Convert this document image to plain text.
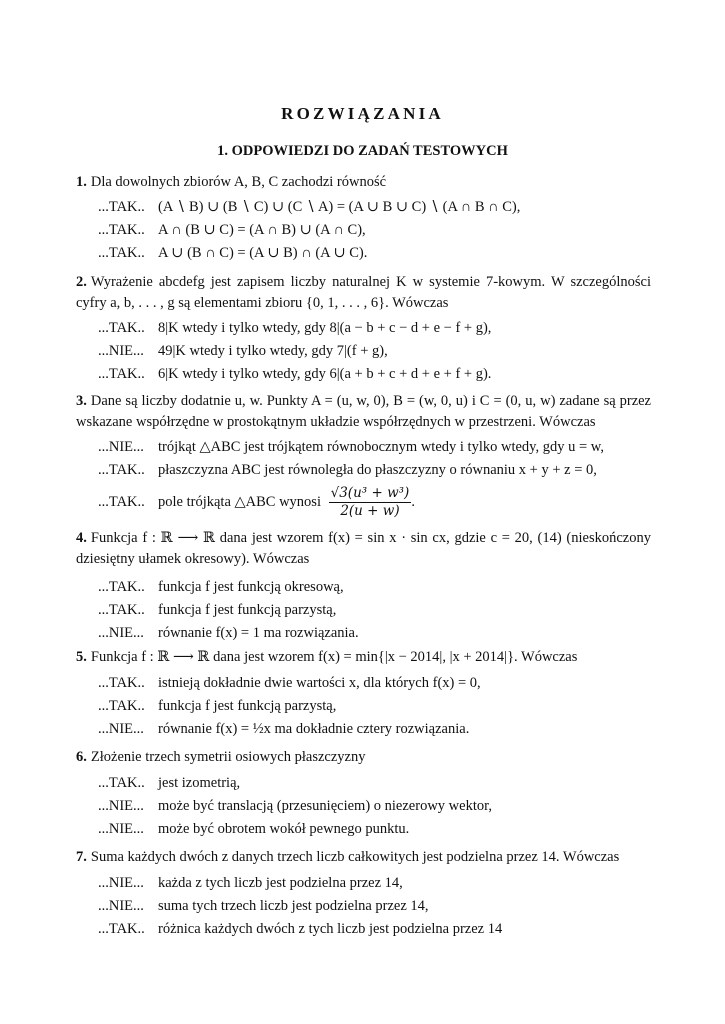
ROZWIĄZANIA
1. ODPOWIEDZI DO ZADAŃ TESTOWYCH

1. Dla dowolnych zbiorów A, B, C zachodzi równość

...TAK.. (A ∖ B) ∪ (B ∖ C) ∪ (C ∖ A) = (A ∪ B ∪ C) ∖ (A ∩ B ∩ C),
...TAK.. A ∩ (B ∪ C) = (A ∩ B) ∪ (A ∩ C),
...TAK.. A ∪ (B ∩ C) = (A ∪ B) ∩ (A ∪ C).

2. Wyrażenie abcdefg jest zapisem liczby naturalnej K w systemie 7-kowym. W szczególności cyfry a, b, . . . , g są elementami zbioru {0, 1, . . . , 6}. Wówczas

...TAK.. 8|K wtedy i tylko wtedy, gdy 8|(a − b + c − d + e − f + g),
...NIE... 49|K wtedy i tylko wtedy, gdy 7|(f + g),
...TAK.. 6|K wtedy i tylko wtedy, gdy 6|(a + b + c + d + e + f + g).

3. Dane są liczby dodatnie u, w. Punkty A = (u, w, 0), B = (w, 0, u) i C = (0, u, w) zadane są przez wskazane współrzędne w prostokątnym układzie współrzędnych w przestrzeni. Wówczas

...NIE... trójkąt △ABC jest trójkątem równobocznym wtedy i tylko wtedy, gdy u = w,
...TAK.. płaszczyzna ABC jest równoległa do płaszczyzny o równaniu x + y + z = 0,
...TAK.. pole trójkąta △ABC wynosi $\frac{\text{√3(u³ + w³)}}{2(u + w)}$ .

4. Funkcja f : ℝ ⟶ ℝ dana jest wzorem f(x) = sin x · sin cx, gdzie c = 20, (14) (nieskończony dziesiętny ułamek okresowy). Wówczas

...TAK.. funkcja f jest funkcją okresową,
...TAK.. funkcja f jest funkcją parzystą,
...NIE... równanie f(x) = 1 ma rozwiązania.

5. Funkcja f : ℝ ⟶ ℝ dana jest wzorem f(x) = min{|x − 2014|, |x + 2014|}. Wówczas

...TAK.. istnieją dokładnie dwie wartości x, dla których f(x) = 0,
...TAK.. funkcja f jest funkcją parzystą,
...NIE... równanie f(x) = ½x ma dokładnie cztery rozwiązania.

6. Złożenie trzech symetrii osiowych płaszczyzny

...TAK.. jest izometrią,
...NIE... może być translacją (przesunięciem) o niezerowy wektor,
...NIE... może być obrotem wokół pewnego punktu.

7. Suma każdych dwóch z danych trzech liczb całkowitych jest podzielna przez 14. Wówczas

...NIE... każda z tych liczb jest podzielna przez 14,
...NIE... suma tych trzech liczb jest podzielna przez 14,
...TAK.. różnica każdych dwóch z tych liczb jest podzielna przez 14
